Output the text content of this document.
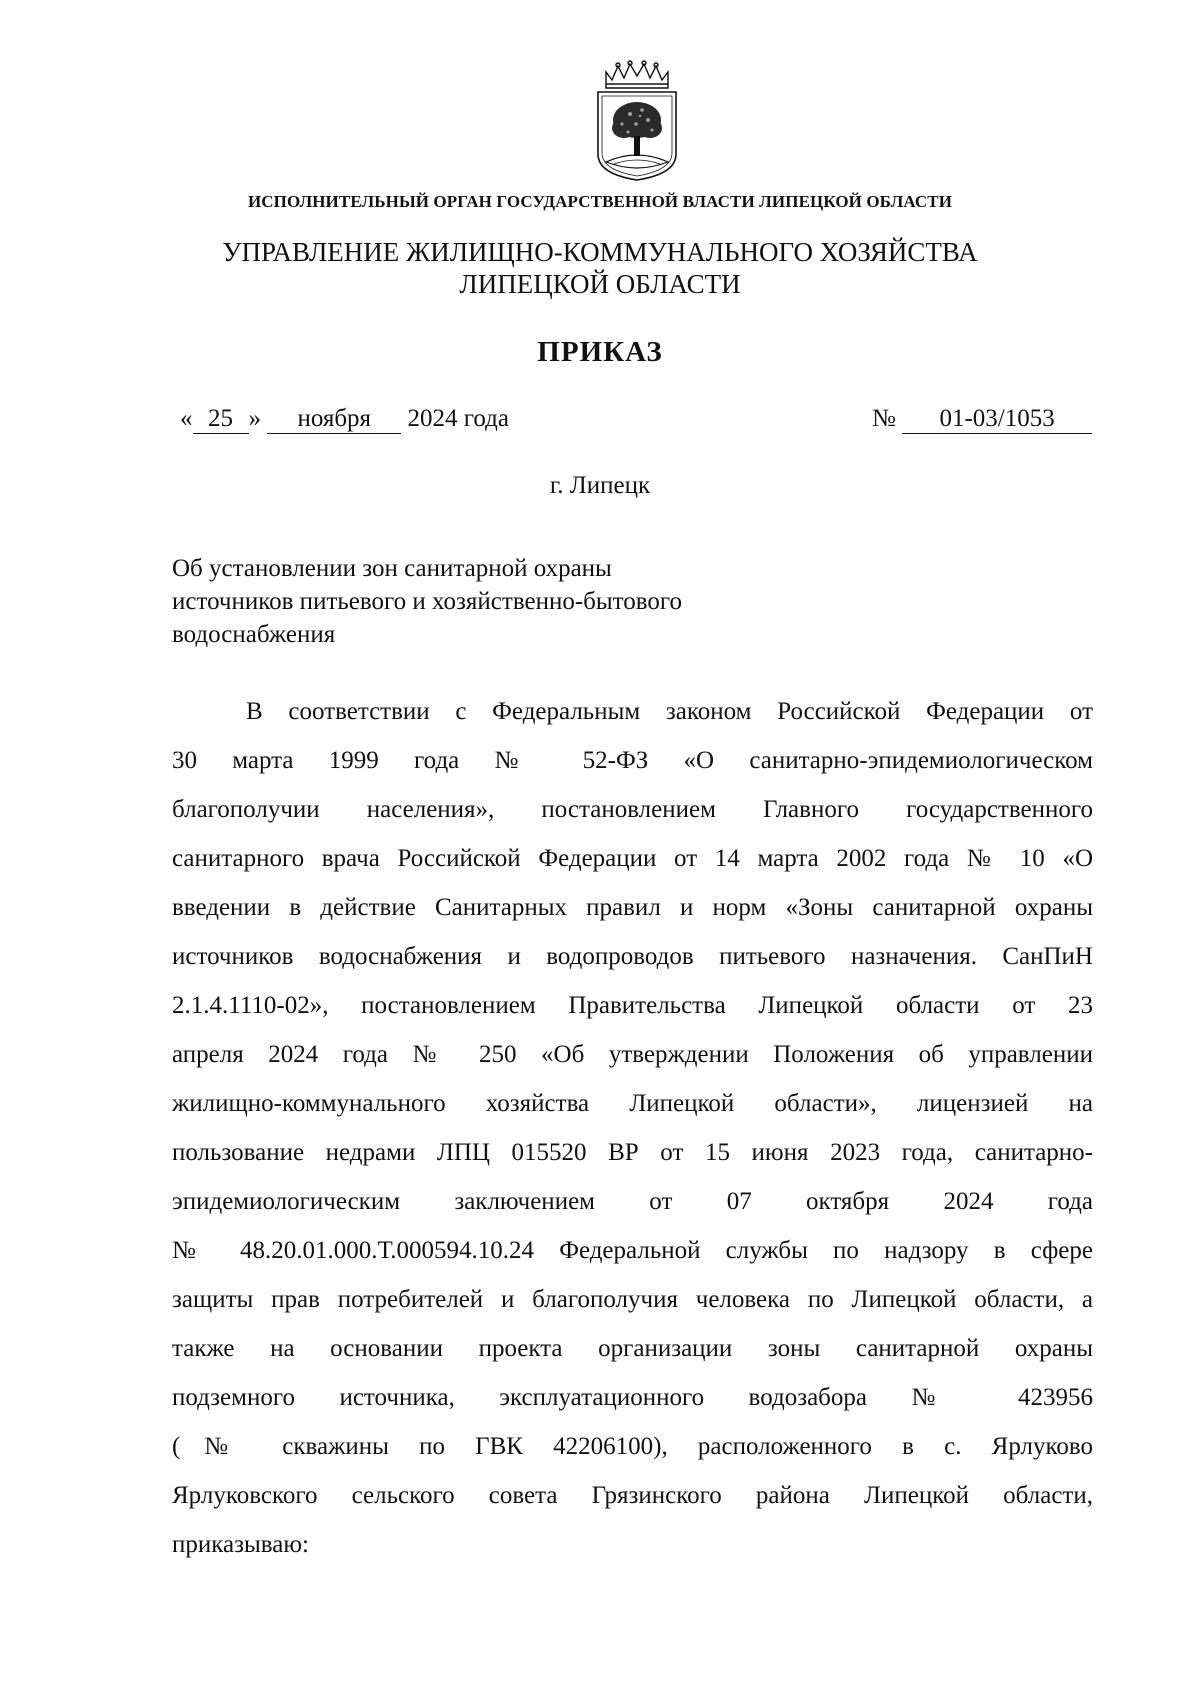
ИСПОЛНИТЕЛЬНЫЙ ОРГАН ГОСУДАРСТВЕННОЙ ВЛАСТИ ЛИПЕЦКОЙ ОБЛАСТИ
УПРАВЛЕНИЕ ЖИЛИЩНО-КОММУНАЛЬНОГО ХОЗЯЙСТВА
ЛИПЕЦКОЙ ОБЛАСТИ
ПРИКАЗ
« 25 » ноября 2024 года	№ 01-03/1053
г. Липецк
Об установлении зон санитарной охраны
источников питьевого и хозяйственно-бытового
водоснабжения
В соответствии с Федеральным законом Российской Федерации от
30 марта 1999 года № 52-ФЗ «О санитарно-эпидемиологическом
благополучии населения», постановлением Главного государственного
санитарного врача Российской Федерации от 14 марта 2002 года № 10 «О
введении в действие Санитарных правил и норм «Зоны санитарной охраны
источников водоснабжения и водопроводов питьевого назначения. СанПиН
2.1.4.1110-02», постановлением Правительства Липецкой области от 23
апреля 2024 года № 250 «Об утверждении Положения об управлении
жилищно-коммунального хозяйства Липецкой области», лицензией на
пользование недрами ЛПЦ 015520 ВР от 15 июня 2023 года, санитарно-
эпидемиологическим заключением от 07 октября 2024 года
№ 48.20.01.000.Т.000594.10.24 Федеральной службы по надзору в сфере
защиты прав потребителей и благополучия человека по Липецкой области, а
также на основании проекта организации зоны санитарной охраны
подземного источника, эксплуатационного водозабора № 423956
(№ скважины по ГВК 42206100), расположенного в с. Ярлуково
Ярлуковского сельского совета Грязинского района Липецкой области,
приказываю:
